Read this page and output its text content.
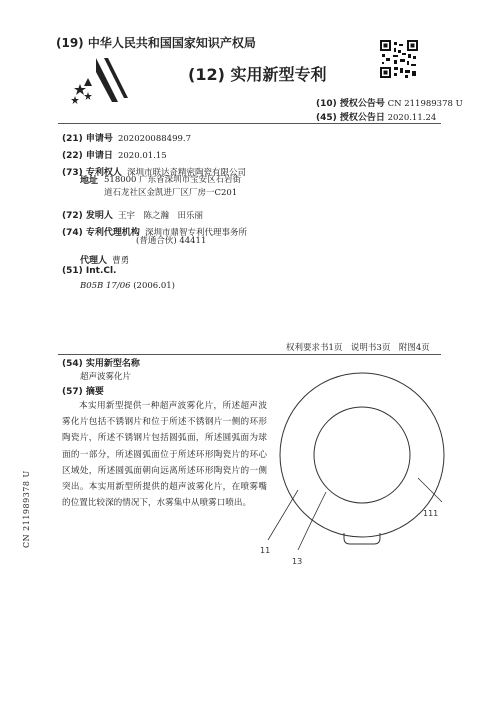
(19) 中华人民共和国国家知识产权局
(12) 实用新型专利
(10) 授权公告号 CN 211989378 U
(45) 授权公告日 2020.11.24
(21) 申请号 202020088499.7
(22) 申请日 2020.01.15
(73) 专利权人 深圳市联达奇精密陶瓷有限公司
地址 518000 广东省深圳市宝安区石岩街
道石龙社区金凯进厂区厂房一C201
(72) 发明人 王宇　陈之瀚　田乐丽
(74) 专利代理机构 深圳市鼎智专利代理事务所
(普通合伙) 44411
代理人 曹勇
(51) Int.Cl.
B05B 17/06 (2006.01)
权利要求书1页　说明书3页　附图4页
(54) 实用新型名称
超声波雾化片
(57) 摘要
本实用新型提供一种超声波雾化片，所述超声波雾化片包括不锈钢片和位于所述不锈钢片一侧的环形陶瓷片，所述不锈钢片包括圆弧面，所述圆弧面为球面的一部分，所述圆弧面位于所述环形陶瓷片的环心区域处，所述圆弧面朝向远离所述环形陶瓷片的一侧突出。本实用新型所提供的超声波雾化片，在喷雾嘴的位置比较深的情况下，水雾集中从喷雾口喷出。
111
11
13
CN 211989378 U
